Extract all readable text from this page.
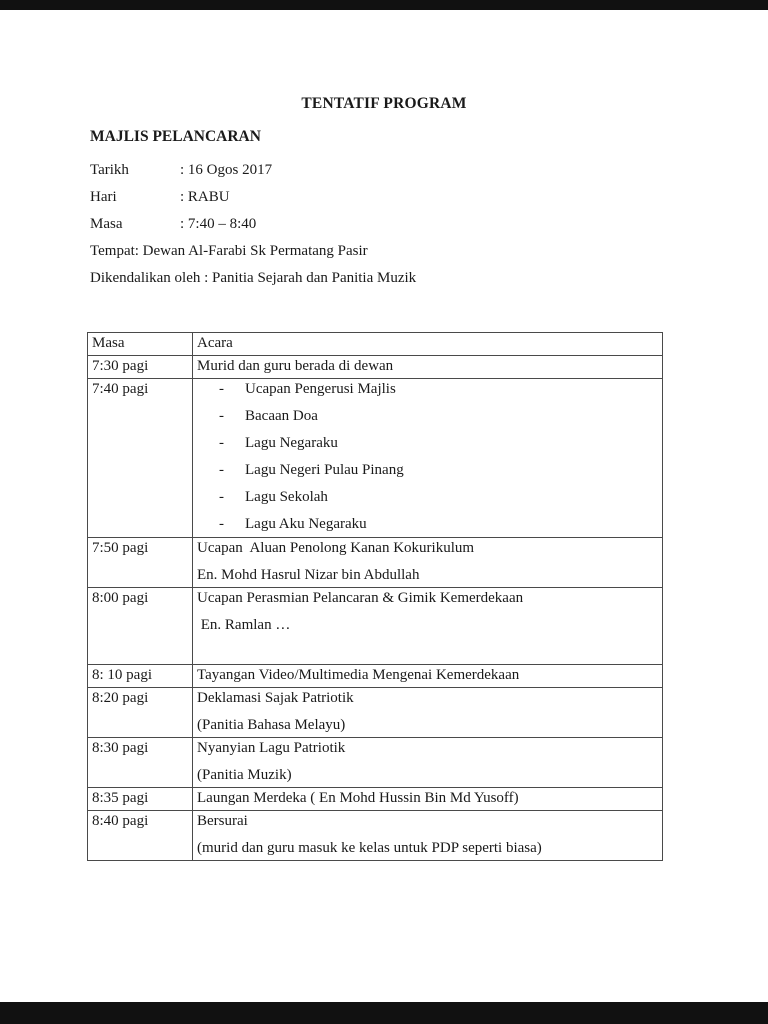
TENTATIF PROGRAM
MAJLIS PELANCARAN
Tarikh	: 16 Ogos 2017
Hari	: RABU
Masa	: 7:40 – 8:40
Tempat: Dewan Al-Farabi Sk Permatang Pasir
Dikendalikan oleh : Panitia Sejarah dan Panitia Muzik
Masa	Acara
7:30 pagi	Murid dan guru berada di dewan

7:40 pagi	-	Ucapan Pengerusi Majlis
-	Bacaan Doa
-	Lagu Negaraku
-	Lagu Negeri Pulau Pinang
-	Lagu Sekolah
-	Lagu Aku Negaraku

7:50 pagi	Ucapan  Aluan Penolong Kanan Kokurikulum
En. Mohd Hasrul Nizar bin Abdullah

8:00 pagi	Ucapan Perasmian Pelancaran & Gimik Kemerdekaan
En. Ramlan …

8: 10 pagi	Tayangan Video/Multimedia Mengenai Kemerdekaan

8:20 pagi	Deklamasi Sajak Patriotik
(Panitia Bahasa Melayu)

8:30 pagi	Nyanyian Lagu Patriotik
(Panitia Muzik)

8:35 pagi	Laungan Merdeka ( En Mohd Hussin Bin Md Yusoff)

8:40 pagi	Bersurai
(murid dan guru masuk ke kelas untuk PDP seperti biasa)
